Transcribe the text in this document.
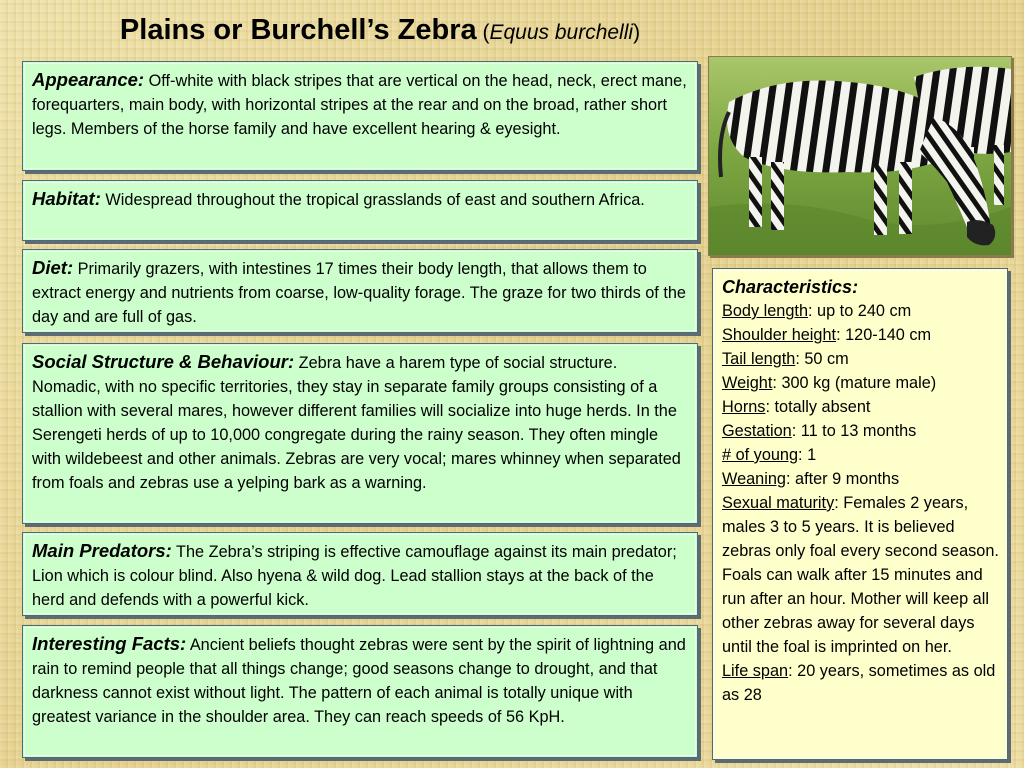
Plains or Burchell’s Zebra (Equus burchelli)
Appearance: Off-white with black stripes that are vertical on the head, neck, erect mane, forequarters, main body, with horizontal stripes at the rear and on the broad, rather short legs. Members of the horse family and have excellent hearing & eyesight.
Habitat: Widespread throughout the tropical grasslands of east and southern Africa.
Diet: Primarily grazers, with intestines 17 times their body length, that allows them to extract energy and nutrients from coarse, low-quality forage. The graze for two thirds of the day and are full of gas.
Social Structure & Behaviour: Zebra have a harem type of social structure. Nomadic, with no specific territories, they stay in separate family groups consisting of a stallion with several mares, however different families will socialize into huge herds. In the Serengeti herds of up to 10,000 congregate during the rainy season. They often mingle with wildebeest and other animals. Zebras are very vocal; mares whinney when separated from foals and zebras use a yelping bark as a warning.
Main Predators: The Zebra’s striping is effective camouflage against its main predator; Lion which is colour blind. Also hyena & wild dog. Lead stallion stays at the back of the herd and defends with a powerful kick.
Interesting Facts: Ancient beliefs thought zebras were sent by the spirit of lightning and rain to remind people that all things change; good seasons change to drought, and that darkness cannot exist without light. The pattern of each animal is totally unique with greatest variance in the shoulder area. They can reach speeds of 56 KpH.
Characteristics:
Body length: up to 240 cm
Shoulder height: 120-140 cm
Tail length: 50 cm
Weight: 300 kg (mature male)
Horns: totally absent
Gestation: 11 to 13 months
# of young: 1
Weaning: after 9 months
Sexual maturity: Females 2 years, males 3 to 5 years. It is believed zebras only foal every second season. Foals can walk after 15 minutes and run after an hour. Mother will keep all other zebras away for several days until the foal is imprinted on her.
Life span: 20 years, sometimes as old as 28
